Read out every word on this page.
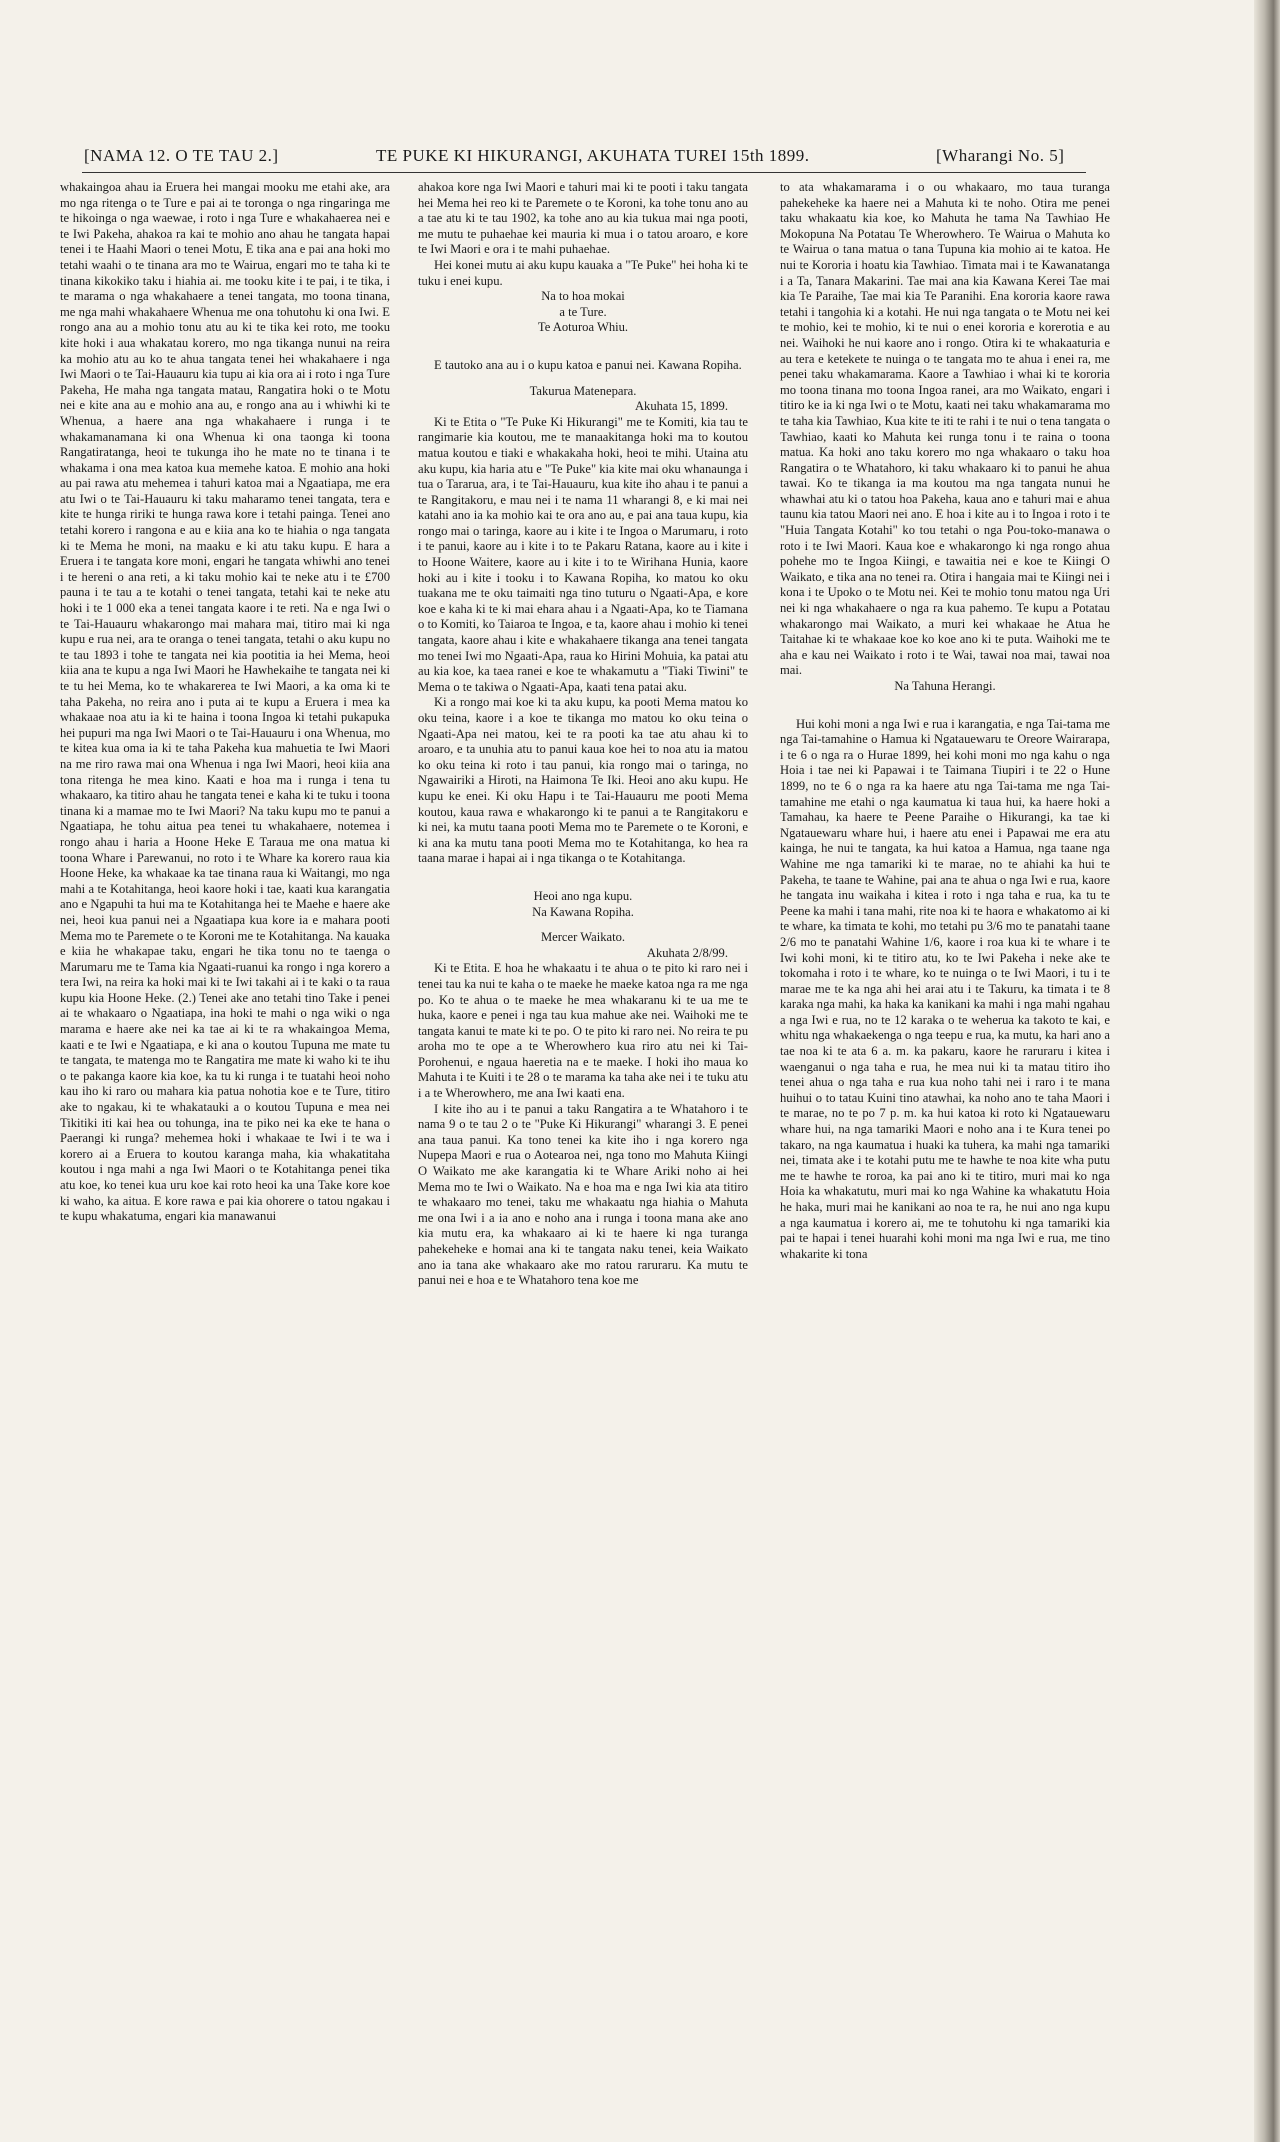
[NAMA 12. O TE TAU 2.]	TE PUKE KI HIKURANGI, AKUHATA TUREI 15th 1899.	[Wharangi No. 5]

whakaingoa ahau ia Eruera hei mangai mooku me etahi ake, ara mo nga ritenga o te Ture e pai ai te toronga o nga ringaringa me te hikoinga o nga waewae, i roto i nga Ture e whakahaerea nei e te Iwi Pakeha, ahakoa ra kai te mohio ano ahau he tangata hapai tenei i te Haahi Maori o tenei Motu, E tika ana e pai ana hoki mo tetahi waahi o te tinana ara mo te Wairua, engari mo te taha ki te tinana kikokiko taku i hiahia ai. me tooku kite i te pai, i te tika, i te marama o nga whakahaere a tenei tangata, mo toona tinana, me nga mahi whakahaere Whenua me ona tohutohu ki ona Iwi. E rongo ana au a mohio tonu atu au ki te tika kei roto, me tooku kite hoki i aua whakatau korero, mo nga tikanga nunui na reira ka mohio atu au ko te ahua tangata tenei hei whakahaere i nga Iwi Maori o te Tai-Hauauru kia tupu ai kia ora ai i roto i nga Ture Pakeha, He maha nga tangata matau, Rangatira hoki o te Motu nei e kite ana au e mohio ana au, e rongo ana au i whiwhi ki te Whenua, a haere ana nga whakahaere i runga i te whakamanamana ki ona Whenua ki ona taonga ki toona Rangatiratanga, heoi te tukunga iho he mate no te tinana i te whakama i ona mea katoa kua memehe katoa. E mohio ana hoki au pai rawa atu mehemea i tahuri katoa mai a Ngaatiapa, me era atu Iwi o te Tai-Hauauru ki taku maharamo tenei tangata, tera e kite te hunga ririki te hunga rawa kore i tetahi painga. Tenei ano tetahi korero i rangona e au e kiia ana ko te hiahia o nga tangata ki te Mema he moni, na maaku e ki atu taku kupu. E hara a Eruera i te tangata kore moni, engari he tangata whiwhi ano tenei i te hereni o ana reti, a ki taku mohio kai te neke atu i te £700 pauna i te tau a te kotahi o tenei tangata, tetahi kai te neke atu hoki i te 1 000 eka a tenei tangata kaore i te reti. Na e nga Iwi o te Tai-Hauauru whakarongo mai mahara mai, titiro mai ki nga kupu e rua nei, ara te oranga o tenei tangata, tetahi o aku kupu no te tau 1893 i tohe te tangata nei kia pootitia ia hei Mema, heoi kiia ana te kupu a nga Iwi Maori he Hawhekaihe te tangata nei ki te tu hei Mema, ko te whakarerea te Iwi Maori, a ka oma ki te taha Pakeha, no reira ano i puta ai te kupu a Eruera i mea ka whakaae noa atu ia ki te haina i toona Ingoa ki tetahi pukapuka hei pupuri ma nga Iwi Maori o te Tai-Hauauru i ona Whenua, mo te kitea kua oma ia ki te taha Pakeha kua mahuetia te Iwi Maori na me riro rawa mai ona Whenua i nga Iwi Maori, heoi kiia ana tona ritenga he mea kino. Kaati e hoa ma i runga i tena tu whakaaro, ka titiro ahau he tangata tenei e kaha ki te tuku i toona tinana ki a mamae mo te Iwi Maori? Na taku kupu mo te panui a Ngaatiapa, he tohu aitua pea tenei tu whakahaere, notemea i rongo ahau i haria a Hoone Heke E Taraua me ona matua ki toona Whare i Parewanui, no roto i te Whare ka korero raua kia Hoone Heke, ka whakaae ka tae tinana raua ki Waitangi, mo nga mahi a te Kotahitanga, heoi kaore hoki i tae, kaati kua karangatia ano e Ngapuhi ta hui ma te Kotahitanga hei te Maehe e haere ake nei, heoi kua panui nei a Ngaatiapa kua kore ia e mahara pooti Mema mo te Paremete o te Koroni me te Kotahitanga. Na kauaka e kiia he whakapae taku, engari he tika tonu no te taenga o Marumaru me te Tama kia Ngaati-ruanui ka rongo i nga korero a tera Iwi, na reira ka hoki mai ki te Iwi takahi ai i te kaki o ta raua kupu kia Hoone Heke. (2.) Tenei ake ano tetahi tino Take i penei ai te whakaaro o Ngaatiapa, ina hoki te mahi o nga wiki o nga marama e haere ake nei ka tae ai ki te ra whakaingoa Mema, kaati e te Iwi e Ngaatiapa, e ki ana o koutou Tupuna me mate tu te tangata, te matenga mo te Rangatira me mate ki waho ki te ihu o te pakanga kaore kia koe, ka tu ki runga i te tuatahi heoi noho kau iho ki raro ou mahara kia patua nohotia koe e te Ture, titiro ake to ngakau, ki te whakatauki a o koutou Tupuna e mea nei Tikitiki iti kai hea ou tohunga, ina te piko nei ka eke te hana o Paerangi ki runga? mehemea hoki i whakaae te Iwi i te wa i korero ai a Eruera to koutou karanga maha, kia whakatitaha koutou i nga mahi a nga Iwi Maori o te Kotahitanga penei tika atu koe, ko tenei kua uru koe kai roto heoi ka una Take kore koe ki waho, ka aitua. E kore rawa e pai kia ohorere o tatou ngakau i te kupu whakatuma, engari kia manawanui

ahakoa kore nga Iwi Maori e tahuri mai ki te pooti i taku tangata hei Mema hei reo ki te Paremete o te Koroni, ka tohe tonu ano au a tae atu ki te tau 1902, ka tohe ano au kia tukua mai nga pooti, me mutu te puhaehae kei mauria ki mua i o tatou aroaro, e kore te Iwi Maori e ora i te mahi puhaehae.

Hei konei mutu ai aku kupu kauaka a "Te Puke" hei hoha ki te tuku i enei kupu.

Na to hoa mokai

a te Ture.

Te Aoturoa Whiu.

E tautoko ana au i o kupu katoa e panui nei. Kawana Ropiha.

Takurua Matenepara.

Akuhata 15, 1899.

Ki te Etita o "Te Puke Ki Hikurangi" me te Komiti, kia tau te rangimarie kia koutou, me te manaakitanga hoki ma to koutou matua koutou e tiaki e whakakaha hoki, heoi te mihi. Utaina atu aku kupu, kia haria atu e "Te Puke" kia kite mai oku whanaunga i tua o Tararua, ara, i te Tai-Hauauru, kua kite iho ahau i te panui a te Rangitakoru, e mau nei i te nama 11 wharangi 8, e ki mai nei katahi ano ia ka mohio kai te ora ano au, e pai ana taua kupu, kia rongo mai o taringa, kaore au i kite i te Ingoa o Marumaru, i roto i te panui, kaore au i kite i to te Pakaru Ratana, kaore au i kite i to Hoone Waitere, kaore au i kite i to te Wirihana Hunia, kaore hoki au i kite i tooku i to Kawana Ropiha, ko matou ko oku tuakana me te oku taimaiti nga tino tuturu o Ngaati-Apa, e kore koe e kaha ki te ki mai ehara ahau i a Ngaati-Apa, ko te Tiamana o to Komiti, ko Taiaroa te Ingoa, e ta, kaore ahau i mohio ki tenei tangata, kaore ahau i kite e whakahaere tikanga ana tenei tangata mo tenei Iwi mo Ngaati-Apa, raua ko Hirini Mohuia, ka patai atu au kia koe, ka taea ranei e koe te whakamutu a "Tiaki Tiwini" te Mema o te takiwa o Ngaati-Apa, kaati tena patai aku.

Ki a rongo mai koe ki ta aku kupu, ka pooti Mema matou ko oku teina, kaore i a koe te tikanga mo matou ko oku teina o Ngaati-Apa nei matou, kei te ra pooti ka tae atu ahau ki to aroaro, e ta unuhia atu to panui kaua koe hei to noa atu ia matou ko oku teina ki roto i tau panui, kia rongo mai o taringa, no Ngawairiki a Hiroti, na Haimona Te Iki. Heoi ano aku kupu. He kupu ke enei. Ki oku Hapu i te Tai-Hauauru me pooti Mema koutou, kaua rawa e whakarongo ki te panui a te Rangitakoru e ki nei, ka mutu taana pooti Mema mo te Paremete o te Koroni, e ki ana ka mutu tana pooti Mema mo te Kotahitanga, ko hea ra taana marae i hapai ai i nga tikanga o te Kotahitanga.

Heoi ano nga kupu.

Na Kawana Ropiha.

Mercer Waikato.

Akuhata 2/8/99.

Ki te Etita. E hoa he whakaatu i te ahua o te pito ki raro nei i tenei tau ka nui te kaha o te maeke he maeke katoa nga ra me nga po. Ko te ahua o te maeke he mea whakaranu ki te ua me te huka, kaore e penei i nga tau kua mahue ake nei. Waihoki me te tangata kanui te mate ki te po. O te pito ki raro nei. No reira te pu aroha mo te ope a te Wherowhero kua riro atu nei ki Tai-Porohenui, e ngaua haeretia na e te maeke. I hoki iho maua ko Mahuta i te Kuiti i te 28 o te marama ka taha ake nei i te tuku atu i a te Wherowhero, me ana Iwi kaati ena.

I kite iho au i te panui a taku Rangatira a te Whatahoro i te nama 9 o te tau 2 o te "Puke Ki Hikurangi" wharangi 3. E penei ana taua panui. Ka tono tenei ka kite iho i nga korero nga Nupepa Maori e rua o Aotearoa nei, nga tono mo Mahuta Kiingi O Waikato me ake karangatia ki te Whare Ariki noho ai hei Mema mo te Iwi o Waikato. Na e hoa ma e nga Iwi kia ata titiro te whakaaro mo tenei, taku me whakaatu nga hiahia o Mahuta me ona Iwi i a ia ano e noho ana i runga i toona mana ake ano kia mutu era, ka whakaaro ai ki te haere ki nga turanga pahekeheke e homai ana ki te tangata naku tenei, keia Waikato ano ia tana ake whakaaro ake mo ratou raruraru. Ka mutu te panui nei e hoa e te Whatahoro tena koe me

to ata whakamarama i o ou whakaaro, mo taua turanga pahekeheke ka haere nei a Mahuta ki te noho. Otira me penei taku whakaatu kia koe, ko Mahuta he tama Na Tawhiao He Mokopuna Na Potatau Te Wherowhero. Te Wairua o Mahuta ko te Wairua o tana matua o tana Tupuna kia mohio ai te katoa. He nui te Kororia i hoatu kia Tawhiao. Timata mai i te Kawanatanga i a Ta, Tanara Makarini. Tae mai ana kia Kawana Kerei Tae mai kia Te Paraihe, Tae mai kia Te Paranihi. Ena kororia kaore rawa tetahi i tangohia ki a kotahi. He nui nga tangata o te Motu nei kei te mohio, kei te mohio, ki te nui o enei kororia e korerotia e au nei. Waihoki he nui kaore ano i rongo. Otira ki te whakaaturia e au tera e ketekete te nuinga o te tangata mo te ahua i enei ra, me penei taku whakamarama. Kaore a Tawhiao i whai ki te kororia mo toona tinana mo toona Ingoa ranei, ara mo Waikato, engari i titiro ke ia ki nga Iwi o te Motu, kaati nei taku whakamarama mo te taha kia Tawhiao, Kua kite te iti te rahi i te nui o tena tangata o Tawhiao, kaati ko Mahuta kei runga tonu i te raina o toona matua. Ka hoki ano taku korero mo nga whakaaro o taku hoa Rangatira o te Whatahoro, ki taku whakaaro ki to panui he ahua tawai. Ko te tikanga ia ma koutou ma nga tangata nunui he whawhai atu ki o tatou hoa Pakeha, kaua ano e tahuri mai e ahua taunu kia tatou Maori nei ano. E hoa i kite au i to Ingoa i roto i te "Huia Tangata Kotahi" ko tou tetahi o nga Pou-toko-manawa o roto i te Iwi Maori. Kaua koe e whakarongo ki nga rongo ahua pohehe mo te Ingoa Kiingi, e tawaitia nei e koe te Kiingi O Waikato, e tika ana no tenei ra. Otira i hangaia mai te Kiingi nei i kona i te Upoko o te Motu nei. Kei te mohio tonu matou nga Uri nei ki nga whakahaere o nga ra kua pahemo. Te kupu a Potatau whakarongo mai Waikato, a muri kei whakaae he Atua he Taitahae ki te whakaae koe ko koe ano ki te puta. Waihoki me te aha e kau nei Waikato i roto i te Wai, tawai noa mai, tawai noa mai.

Na Tahuna Herangi.

Hui kohi moni a nga Iwi e rua i karangatia, e nga Tai-tama me nga Tai-tamahine o Hamua ki Ngatauewaru te Oreore Wairarapa, i te 6 o nga ra o Hurae 1899, hei kohi moni mo nga kahu o nga Hoia i tae nei ki Papawai i te Taimana Tiupiri i te 22 o Hune 1899, no te 6 o nga ra ka haere atu nga Tai-tama me nga Tai-tamahine me etahi o nga kaumatua ki taua hui, ka haere hoki a Tamahau, ka haere te Peene Paraihe o Hikurangi, ka tae ki Ngatauewaru whare hui, i haere atu enei i Papawai me era atu kainga, he nui te tangata, ka hui katoa a Hamua, nga taane nga Wahine me nga tamariki ki te marae, no te ahiahi ka hui te Pakeha, te taane te Wahine, pai ana te ahua o nga Iwi e rua, kaore he tangata inu waikaha i kitea i roto i nga taha e rua, ka tu te Peene ka mahi i tana mahi, rite noa ki te haora e whakatomo ai ki te whare, ka timata te kohi, mo tetahi pu 3/6 mo te panatahi taane 2/6 mo te panatahi Wahine 1/6, kaore i roa kua ki te whare i te Iwi kohi moni, ki te titiro atu, ko te Iwi Pakeha i neke ake te tokomaha i roto i te whare, ko te nuinga o te Iwi Maori, i tu i te marae me te ka nga ahi hei arai atu i te Takuru, ka timata i te 8 karaka nga mahi, ka haka ka kanikani ka mahi i nga mahi ngahau a nga Iwi e rua, no te 12 karaka o te weherua ka takoto te kai, e whitu nga whakaekenga o nga teepu e rua, ka mutu, ka hari ano a tae noa ki te ata 6 a. m. ka pakaru, kaore he raruraru i kitea i waenganui o nga taha e rua, he mea nui ki ta matau titiro iho tenei ahua o nga taha e rua kua noho tahi nei i raro i te mana huihui o to tatau Kuini tino atawhai, ka noho ano te taha Maori i te marae, no te po 7 p. m. ka hui katoa ki roto ki Ngatauewaru whare hui, na nga tamariki Maori e noho ana i te Kura tenei po takaro, na nga kaumatua i huaki ka tuhera, ka mahi nga tamariki nei, timata ake i te kotahi putu me te hawhe te noa kite wha putu me te hawhe te roroa, ka pai ano ki te titiro, muri mai ko nga Hoia ka whakatutu, muri mai ko nga Wahine ka whakatutu Hoia he haka, muri mai he kanikani ao noa te ra, he nui ano nga kupu a nga kaumatua i korero ai, me te tohutohu ki nga tamariki kia pai te hapai i tenei huarahi kohi moni ma nga Iwi e rua, me tino whakarite ki tona
